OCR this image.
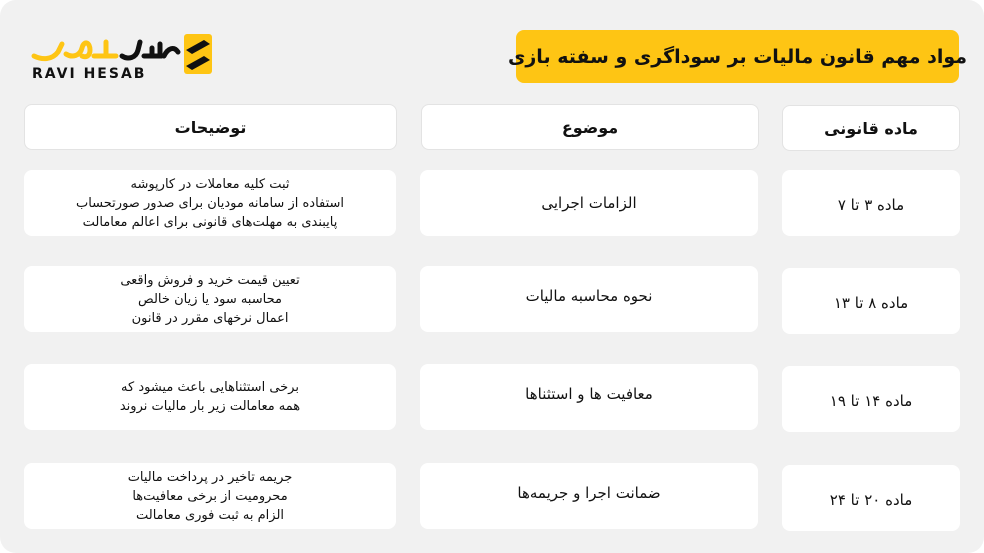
RAVI HESAB
مواد مهم قانون مالیات بر سوداگری و سفته بازی
ماده قانونی
موضوع
توضیحات
ماده ۳ تا ۷
الزامات اجرایی
ثبت کلیه معاملات در کارپوشه
استفاده از سامانه مودیان برای صدور صورتحساب
پایبندی به مهلت‌های قانونی برای اعالم معامالت
ماده ۸ تا ۱۳
نحوه محاسبه مالیات
تعیین قیمت خرید و فروش واقعی
محاسبه سود یا زیان خالص
اعمال نرخهای مقرر در قانون
ماده ۱۴ تا ۱۹
معافیت ها و استثناها
برخی استثناهایی باعث میشود که
همه معامالت زیر بار مالیات نروند
ماده ۲۰ تا ۲۴
ضمانت اجرا و جریمه‌ها
جریمه تاخیر در پرداخت مالیات
محرومیت از برخی معافیت‌ها
الزام به ثبت فوری معامالت
